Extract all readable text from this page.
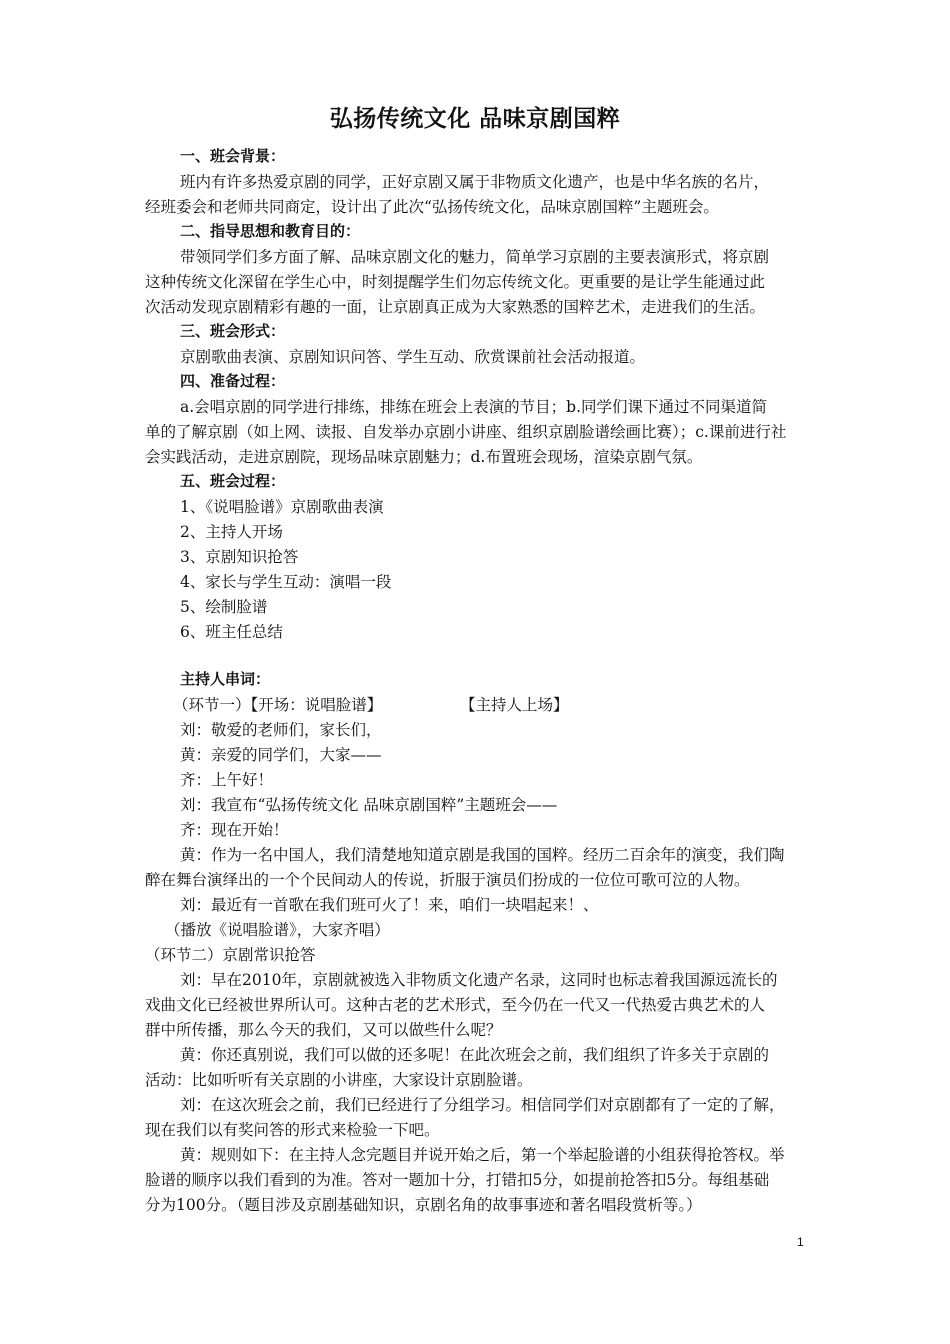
弘扬传统文化 品味京剧国粹
一、班会背景：
班内有许多热爱京剧的同学，正好京剧又属于非物质文化遗产，也是中华名族的名片，
经班委会和老师共同商定，设计出了此次“弘扬传统文化，品味京剧国粹”主题班会。
二、指导思想和教育目的：
带领同学们多方面了解、品味京剧文化的魅力，简单学习京剧的主要表演形式，将京剧
这种传统文化深留在学生心中，时刻提醒学生们勿忘传统文化。更重要的是让学生能通过此
次活动发现京剧精彩有趣的一面，让京剧真正成为大家熟悉的国粹艺术，走进我们的生活。
三、班会形式：
京剧歌曲表演、京剧知识问答、学生互动、欣赏课前社会活动报道。
四、准备过程：
a.会唱京剧的同学进行排练，排练在班会上表演的节目；b.同学们课下通过不同渠道简
单的了解京剧（如上网、读报、自发举办京剧小讲座、组织京剧脸谱绘画比赛）；c.课前进行社
会实践活动，走进京剧院，现场品味京剧魅力；d.布置班会现场，渲染京剧气氛。
五、班会过程：
1、《说唱脸谱》京剧歌曲表演
2、主持人开场
3、京剧知识抢答
4、家长与学生互动：演唱一段
5、绘制脸谱
6、班主任总结
主持人串词：
（环节一）【开场：说唱脸谱】	【主持人上场】
刘：敬爱的老师们，家长们，
黄：亲爱的同学们，大家——
齐：上午好！
刘：我宣布“弘扬传统文化 品味京剧国粹”主题班会——
齐：现在开始！
黄：作为一名中国人，我们清楚地知道京剧是我国的国粹。经历二百余年的演变，我们陶
醉在舞台演绎出的一个个民间动人的传说，折服于演员们扮成的一位位可歌可泣的人物。
刘：最近有一首歌在我们班可火了！来，咱们一块唱起来！、
（播放《说唱脸谱》，大家齐唱）
（环节二）京剧常识抢答
刘：早在2010年，京剧就被选入非物质文化遗产名录，这同时也标志着我国源远流长的
戏曲文化已经被世界所认可。这种古老的艺术形式，至今仍在一代又一代热爱古典艺术的人
群中所传播，那么今天的我们，又可以做些什么呢？
黄：你还真别说，我们可以做的还多呢！在此次班会之前，我们组织了许多关于京剧的
活动：比如听听有关京剧的小讲座，大家设计京剧脸谱。
刘：在这次班会之前，我们已经进行了分组学习。相信同学们对京剧都有了一定的了解，
现在我们以有奖问答的形式来检验一下吧。
黄：规则如下：在主持人念完题目并说开始之后，第一个举起脸谱的小组获得抢答权。举
脸谱的顺序以我们看到的为准。答对一题加十分，打错扣5分，如提前抢答扣5分。每组基础
分为100分。（题目涉及京剧基础知识，京剧名角的故事事迹和著名唱段赏析等。）
1
